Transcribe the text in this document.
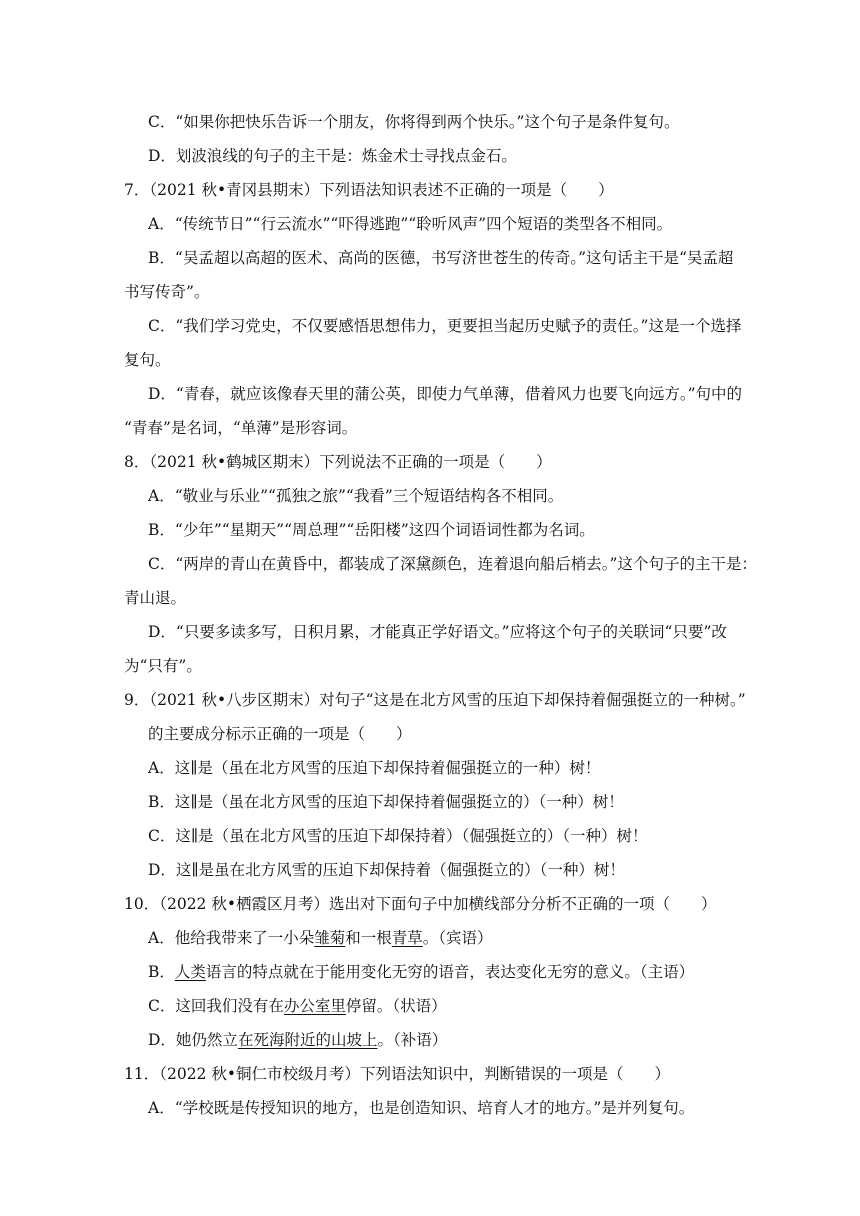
C．“如果你把快乐告诉一个朋友，你将得到两个快乐。”这个句子是条件复句。
D．划波浪线的句子的主干是：炼金术士寻找点金石。
7．（2021 秋•青冈县期末）下列语法知识表述不正确的一项是（　　）
A．“传统节日”“行云流水”“吓得逃跑”“聆听风声”四个短语的类型各不相同。
B．“吴孟超以高超的医术、高尚的医德，书写济世苍生的传奇。”这句话主干是“吴孟超
书写传奇”。
C．“我们学习党史，不仅要感悟思想伟力，更要担当起历史赋予的责任。”这是一个选择
复句。
D．“青春，就应该像春天里的蒲公英，即使力气单薄，借着风力也要飞向远方。”句中的
“青春”是名词，“单薄”是形容词。
8．（2021 秋•鹤城区期末）下列说法不正确的一项是（　　）
A．“敬业与乐业”“孤独之旅”“我看”三个短语结构各不相同。
B．“少年”“星期天”“周总理”“岳阳楼”这四个词语词性都为名词。
C．“两岸的青山在黄昏中，都装成了深黛颜色，连着退向船后梢去。”这个句子的主干是：
青山退。
D．“只要多读多写，日积月累，才能真正学好语文。”应将这个句子的关联词“只要”改
为“只有”。
9．（2021 秋•八步区期末）对句子“这是在北方风雪的压迫下却保持着倔强挺立的一种树。”
的主要成分标示正确的一项是（　　）
A．这∥是（虽在北方风雪的压迫下却保持着倔强挺立的一种）树！
B．这∥是（虽在北方风雪的压迫下却保持着倔强挺立的）（一种）树！
C．这∥是（虽在北方风雪的压迫下却保持着）（倔强挺立的）（一种）树！
D．这∥是虽在北方风雪的压迫下却保持着（倔强挺立的）（一种）树！
10．（2022 秋•栖霞区月考）选出对下面句子中加横线部分分析不正确的一项（　　）
A．他给我带来了一小朵雏菊和一根青草。（宾语）
B．人类语言的特点就在于能用变化无穷的语音，表达变化无穷的意义。（主语）
C．这回我们没有在办公室里停留。（状语）
D．她仍然立在死海附近的山坡上。（补语）
11．（2022 秋•铜仁市校级月考）下列语法知识中，判断错误的一项是（　　）
A．“学校既是传授知识的地方，也是创造知识、培育人才的地方。”是并列复句。
